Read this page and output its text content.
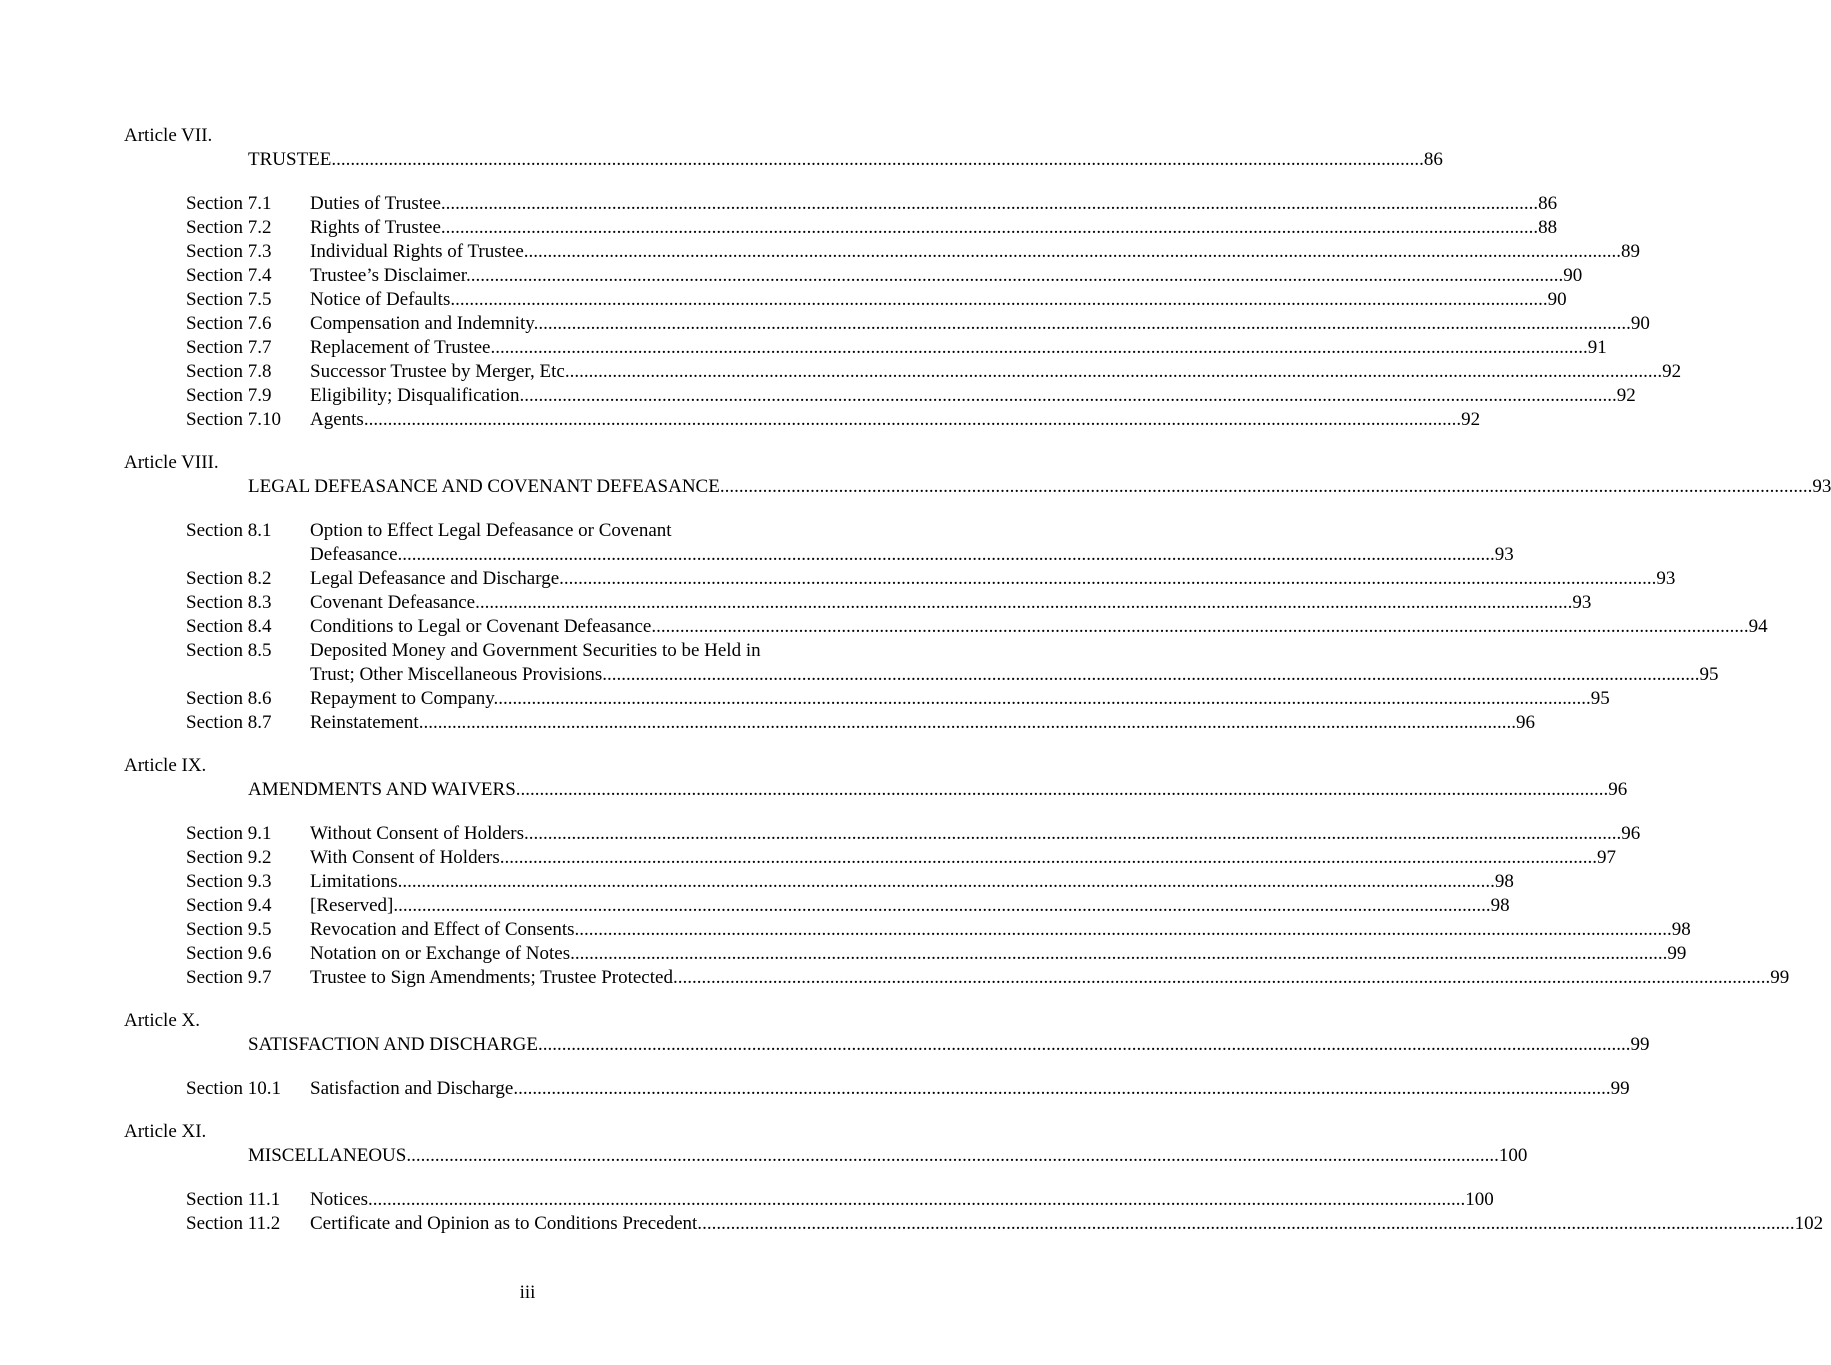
Article VII.
TRUSTEE .....	86
Section 7.1	Duties of Trustee. .....	86
Section 7.2	Rights of Trustee. .....	88
Section 7.3	Individual Rights of Trustee. .....	89
Section 7.4	Trustee’s Disclaimer. .....	90
Section 7.5	Notice of Defaults. .....	90
Section 7.6	Compensation and Indemnity. .....	90
Section 7.7	Replacement of Trustee. .....	91
Section 7.8	Successor Trustee by Merger, Etc. .....	92
Section 7.9	Eligibility; Disqualification. .....	92
Section 7.10	Agents. .....	92
Article VIII.
LEGAL DEFEASANCE AND COVENANT DEFEASANCE .....	93
Section 8.1	Option to Effect Legal Defeasance or Covenant
Defeasance. .....	93
Section 8.2	Legal Defeasance and Discharge. .....	93
Section 8.3	Covenant Defeasance. .....	93
Section 8.4	Conditions to Legal or Covenant Defeasance. .....	94
Section 8.5	Deposited Money and Government Securities to be Held in
Trust; Other Miscellaneous Provisions. .....	95
Section 8.6	Repayment to Company. .....	95
Section 8.7	Reinstatement. .....	96
Article IX.
AMENDMENTS AND WAIVERS .....	96
Section 9.1	Without Consent of Holders. .....	96
Section 9.2	With Consent of Holders. .....	97
Section 9.3	Limitations. .....	98
Section 9.4	[Reserved]. .....	98
Section 9.5	Revocation and Effect of Consents. .....	98
Section 9.6	Notation on or Exchange of Notes. .....	99
Section 9.7	Trustee to Sign Amendments; Trustee Protected. .....	99
Article X.
SATISFACTION AND DISCHARGE .....	99
Section 10.1	Satisfaction and Discharge. .....	99
Article XI.
MISCELLANEOUS .....	100
Section 11.1	Notices. .....	100
Section 11.2	Certificate and Opinion as to Conditions Precedent. .....	102
iii
